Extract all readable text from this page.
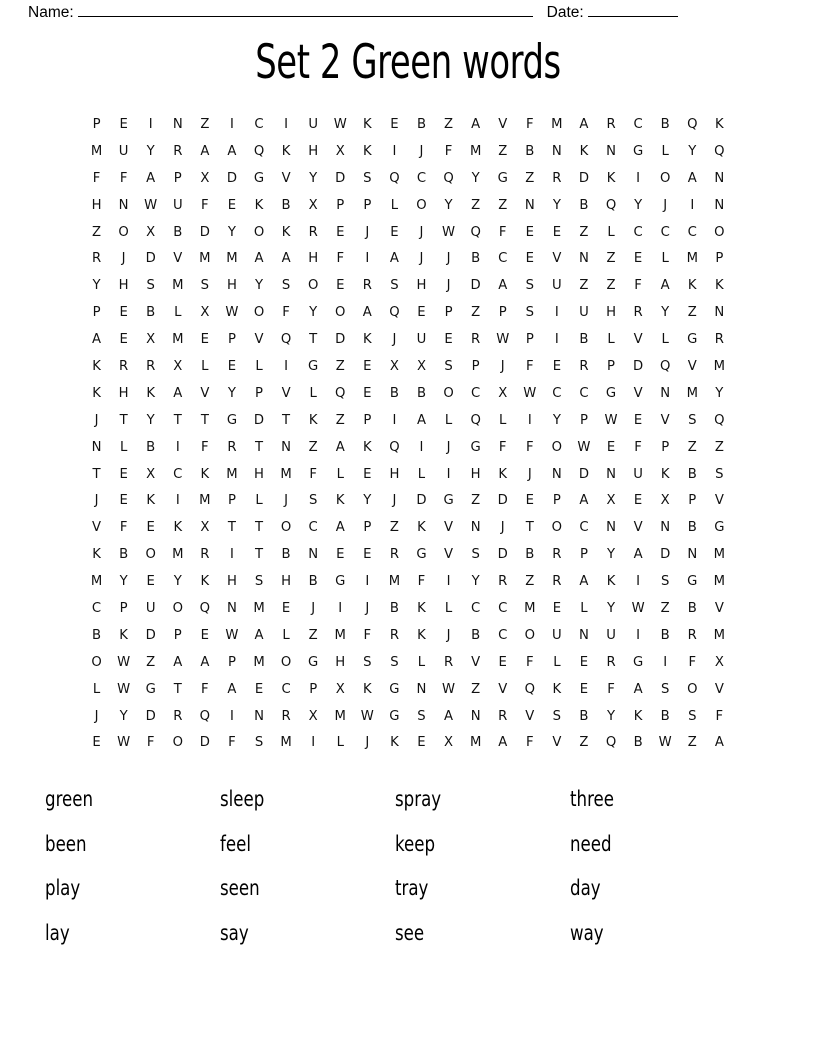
Name:	Date:
Set 2 Green words
P	E	I	N	Z	I	C	I	U	W	K	E	B	Z	A	V	F	M	A	R	C	B	Q	K
M	U	Y	R	A	A	Q	K	H	X	K	I	J	F	M	Z	B	N	K	N	G	L	Y	Q
F	F	A	P	X	D	G	V	Y	D	S	Q	C	Q	Y	G	Z	R	D	K	I	O	A	N
H	N	W	U	F	E	K	B	X	P	P	L	O	Y	Z	Z	N	Y	B	Q	Y	J	I	N
Z	O	X	B	D	Y	O	K	R	E	J	E	J	W	Q	F	E	E	Z	L	C	C	C	O
R	J	D	V	M	M	A	A	H	F	I	A	J	J	B	C	E	V	N	Z	E	L	M	P
Y	H	S	M	S	H	Y	S	O	E	R	S	H	J	D	A	S	U	Z	Z	F	A	K	K
P	E	B	L	X	W	O	F	Y	O	A	Q	E	P	Z	P	S	I	U	H	R	Y	Z	N
A	E	X	M	E	P	V	Q	T	D	K	J	U	E	R	W	P	I	B	L	V	L	G	R
K	R	R	X	L	E	L	I	G	Z	E	X	X	S	P	J	F	E	R	P	D	Q	V	M
K	H	K	A	V	Y	P	V	L	Q	E	B	B	O	C	X	W	C	C	G	V	N	M	Y
J	T	Y	T	T	G	D	T	K	Z	P	I	A	L	Q	L	I	Y	P	W	E	V	S	Q
N	L	B	I	F	R	T	N	Z	A	K	Q	I	J	G	F	F	O	W	E	F	P	Z	Z
T	E	X	C	K	M	H	M	F	L	E	H	L	I	H	K	J	N	D	N	U	K	B	S
J	E	K	I	M	P	L	J	S	K	Y	J	D	G	Z	D	E	P	A	X	E	X	P	V
V	F	E	K	X	T	T	O	C	A	P	Z	K	V	N	J	T	O	C	N	V	N	B	G
K	B	O	M	R	I	T	B	N	E	E	R	G	V	S	D	B	R	P	Y	A	D	N	M
M	Y	E	Y	K	H	S	H	B	G	I	M	F	I	Y	R	Z	R	A	K	I	S	G	M
C	P	U	O	Q	N	M	E	J	I	J	B	K	L	C	C	M	E	L	Y	W	Z	B	V
B	K	D	P	E	W	A	L	Z	M	F	R	K	J	B	C	O	U	N	U	I	B	R	M
O	W	Z	A	A	P	M	O	G	H	S	S	L	R	V	E	F	L	E	R	G	I	F	X
L	W	G	T	F	A	E	C	P	X	K	G	N	W	Z	V	Q	K	E	F	A	S	O	V
J	Y	D	R	Q	I	N	R	X	M	W	G	S	A	N	R	V	S	B	Y	K	B	S	F
E	W	F	O	D	F	S	M	I	L	J	K	E	X	M	A	F	V	Z	Q	B	W	Z	A
green	sleep	spray	three
been	feel	keep	need
play	seen	tray	day
lay	say	see	way
